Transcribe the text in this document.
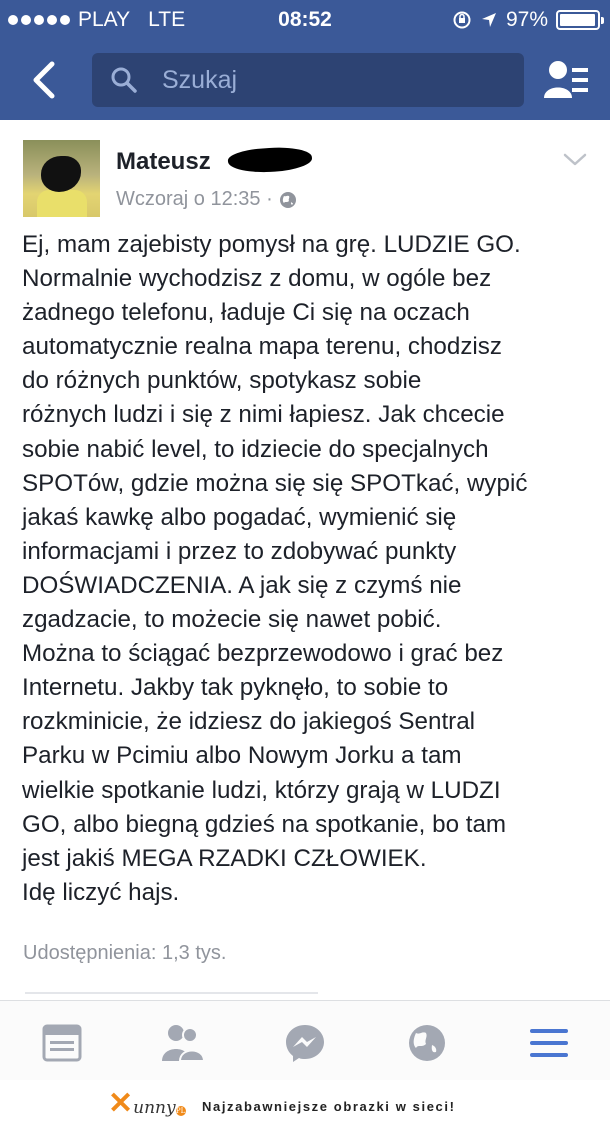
PLAY LTE	08:52	97%
Szukaj
Mateusz
Wczoraj o 12:35 ·
Ej, mam zajebisty pomysł na grę. LUDZIE GO.
Normalnie wychodzisz z domu, w ogóle bez
żadnego telefonu, ładuje Ci się na oczach
automatycznie realna mapa terenu, chodzisz
do różnych punktów, spotykasz sobie
różnych ludzi i się z nimi łapiesz. Jak chcecie
sobie nabić level, to idziecie do specjalnych
SPOTów, gdzie można się się SPOTkać, wypić
jakaś kawkę albo pogadać, wymienić się
informacjami i przez to zdobywać punkty
DOŚWIADCZENIA. A jak się z czymś nie
zgadzacie, to możecie się nawet pobić.
Można to ściągać bezprzewodowo i grać bez
Internetu. Jakby tak pyknęło, to sobie to
rozkminicie, że idziesz do jakiegoś Sentral
Parku w Pcimiu albo Nowym Jorku a tam
wielkie spotkanie ludzi, którzy grają w LUDZI
GO, albo biegną gdzieś na spotkanie, bo tam
jest jakiś MEGA RZADKI CZŁOWIEK.
Idę liczyć hajs.
Udostępnienia: 1,3 tys.
✕unnyPL Najzabawniejsze obrazki w sieci!
